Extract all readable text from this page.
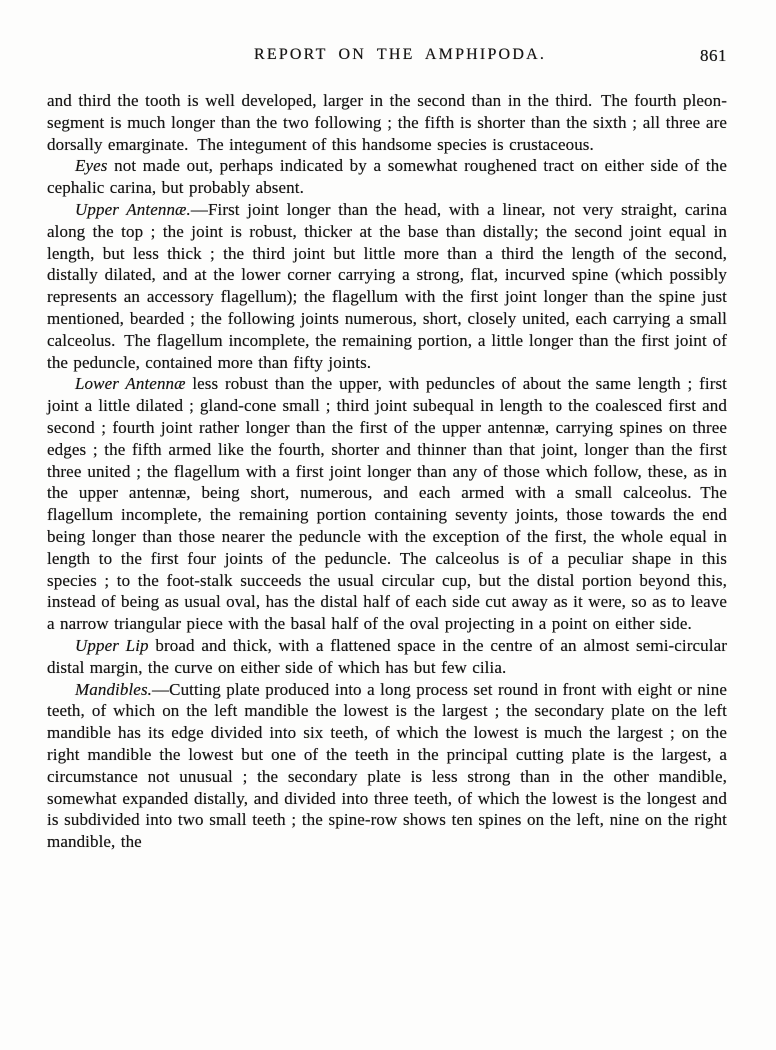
REPORT ON THE AMPHIPODA.	861

and third the tooth is well developed, larger in the second than in the third. The fourth pleon-segment is much longer than the two following ; the fifth is shorter than the sixth ; all three are dorsally emarginate. The integument of this handsome species is crustaceous.

Eyes not made out, perhaps indicated by a somewhat roughened tract on either side of the cephalic carina, but probably absent.

Upper Antennæ.—First joint longer than the head, with a linear, not very straight, carina along the top ; the joint is robust, thicker at the base than distally; the second joint equal in length, but less thick ; the third joint but little more than a third the length of the second, distally dilated, and at the lower corner carrying a strong, flat, incurved spine (which possibly represents an accessory flagellum); the flagellum with the first joint longer than the spine just mentioned, bearded ; the following joints numerous, short, closely united, each carrying a small calceolus. The flagellum incomplete, the remaining portion, a little longer than the first joint of the peduncle, contained more than fifty joints.

Lower Antennæ less robust than the upper, with peduncles of about the same length ; first joint a little dilated ; gland-cone small ; third joint subequal in length to the coalesced first and second ; fourth joint rather longer than the first of the upper antennæ, carrying spines on three edges ; the fifth armed like the fourth, shorter and thinner than that joint, longer than the first three united ; the flagellum with a first joint longer than any of those which follow, these, as in the upper antennæ, being short, numerous, and each armed with a small calceolus. The flagellum incomplete, the remaining portion containing seventy joints, those towards the end being longer than those nearer the peduncle with the exception of the first, the whole equal in length to the first four joints of the peduncle. The calceolus is of a peculiar shape in this species ; to the foot-stalk succeeds the usual circular cup, but the distal portion beyond this, instead of being as usual oval, has the distal half of each side cut away as it were, so as to leave a narrow triangular piece with the basal half of the oval projecting in a point on either side.

Upper Lip broad and thick, with a flattened space in the centre of an almost semi-circular distal margin, the curve on either side of which has but few cilia.

Mandibles.—Cutting plate produced into a long process set round in front with eight or nine teeth, of which on the left mandible the lowest is the largest ; the secondary plate on the left mandible has its edge divided into six teeth, of which the lowest is much the largest ; on the right mandible the lowest but one of the teeth in the principal cutting plate is the largest, a circumstance not unusual ; the secondary plate is less strong than in the other mandible, somewhat expanded distally, and divided into three teeth, of which the lowest is the longest and is subdivided into two small teeth ; the spine-row shows ten spines on the left, nine on the right mandible, the
